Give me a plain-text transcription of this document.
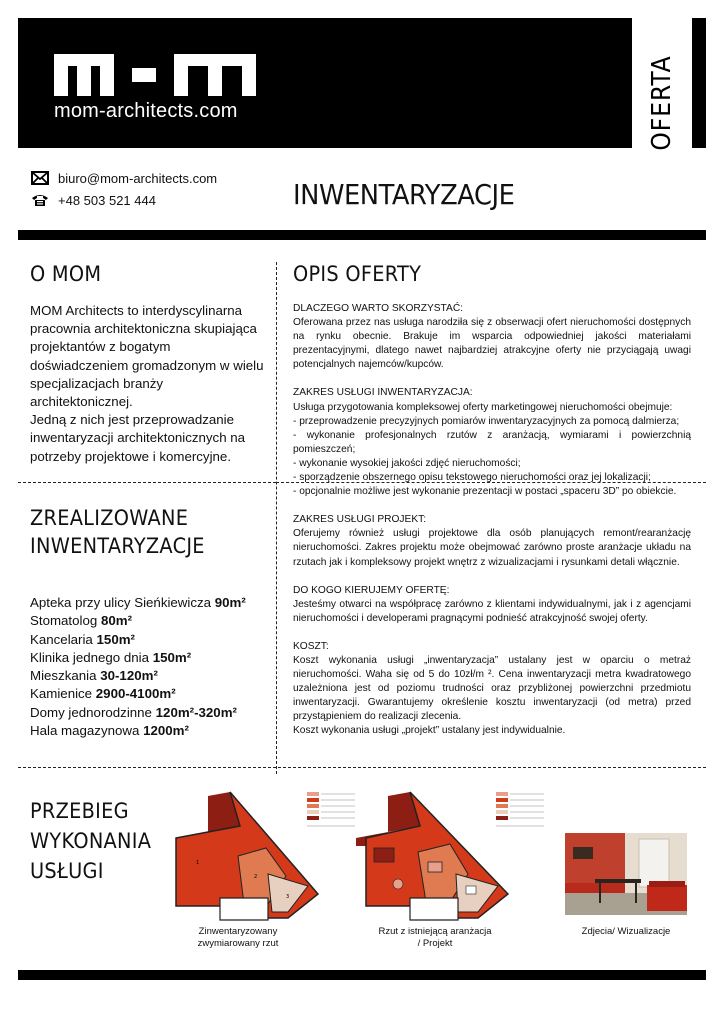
mom-architects.com	OFERTA
biuro@mom-architects.com
+48 503 521 444	INWENTARYZACJE
O MOM
MOM Architects to interdyscylinarna pracownia architektoniczna skupiająca projektantów z bogatym doświadczeniem gromadzonym w wielu specjalizacjach branży architektonicznej.
Jedną z nich jest przeprowadzanie inwentaryzacji architektonicznych na potrzeby projektowe i komercyjne.
ZREALIZOWANE
INWENTARYZACJE
Apteka przy ulicy Sieńkiewicza 90m²
Stomatolog 80m²
Kancelaria 150m²
Klinika jednego dnia 150m²
Mieszkania 30-120m²
Kamienice 2900-4100m²
Domy jednorodzinne 120m²-320m²
Hala magazynowa 1200m²
OPIS OFERTY
DLACZEGO WARTO SKORZYSTAĆ:
Oferowana przez nas usługa narodziła się z obserwacji ofert nieruchomości dostępnych na rynku obecnie. Brakuje im wsparcia odpowiedniej jakości materiałami prezentacyjnymi, dlatego nawet najbardziej atrakcyjne oferty nie przyciągają uwagi potencjalnych najemców/kupców.
ZAKRES USŁUGI INWENTARYZACJA:
Usługa przygotowania kompleksowej oferty marketingowej nieruchomości obejmuje:
- przeprowadzenie precyzyjnych pomiarów inwentaryzacyjnych za pomocą dalmierza;
- wykonanie profesjonalnych rzutów z aranżacją, wymiarami i powierzchnią pomieszczeń;
- wykonanie wysokiej jakości zdjęć nieruchomości;
- sporządzenie obszernego opisu tekstowego nieruchomości oraz jej lokalizacji;
- opcjonalnie możliwe jest wykonanie prezentacji w postaci „spaceru 3D” po obiekcie.
ZAKRES USŁUGI PROJEKT:
Oferujemy również usługi projektowe dla osób planujących remont/rearanżację nieruchomości. Zakres projektu może obejmować zarówno proste aranżacje układu na rzutach jak i kompleksowy projekt wnętrz z wizualizacjami i rysunkami detali włącznie.
DO KOGO KIERUJEMY OFERTĘ:
Jesteśmy otwarci na współpracę zarówno z klientami indywidualnymi, jak i z agencjami nieruchomości i developerami pragnącymi podnieść atrakcyjność swojej oferty.
KOSZT:
Koszt wykonania usługi „inwentaryzacja” ustalany jest w oparciu o metraż nieruchomości. Waha się od 5 do 10zł/m ². Cena inwentaryzacji metra kwadratowego uzależniona jest od poziomu trudności oraz przybliżonej powierzchni przedmiotu inwentaryzacji. Gwarantujemy określenie kosztu inwentaryzacji (od metra) przed przystąpieniem do realizacji zlecenia.
Koszt wykonania usługi „projekt” ustalany jest indywidualnie.
PRZEBIEG
WYKONANIA
USŁUGI	1
2
3
Zinwentaryzowany
zwymiarowany rzut
Rzut z istniejącą aranżacja
/ Projekt
Zdjecia/ Wizualizacje
